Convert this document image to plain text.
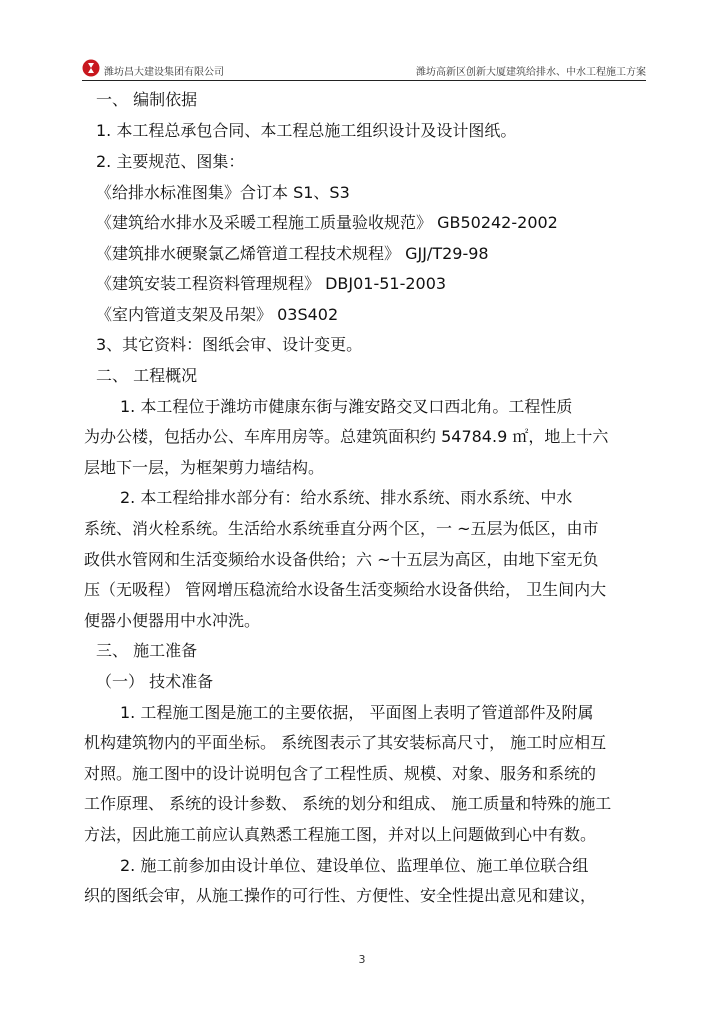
潍坊昌大建设集团有限公司	潍坊高新区创新大厦建筑给排水、中水工程施工方案
一、 编制依据
1. 本工程总承包合同、本工程总施工组织设计及设计图纸。
2. 主要规范、图集：
《给排水标准图集》合订本 S1、S3
《建筑给水排水及采暖工程施工质量验收规范》 GB50242-2002
《建筑排水硬聚氯乙烯管道工程技术规程》 GJJ/T29-98
《建筑安装工程资料管理规程》 DBJ01-51-2003
《室内管道支架及吊架》 03S402
3、其它资料：图纸会审、设计变更。
二、 工程概况
1. 本工程位于潍坊市健康东街与潍安路交叉口西北角。工程性质
为办公楼，包括办公、车库用房等。总建筑面积约 54784.9 ㎡，地上十六
层地下一层，为框架剪力墙结构。
2. 本工程给排水部分有：给水系统、排水系统、雨水系统、中水
系统、消火栓系统。生活给水系统垂直分两个区，一 ~五层为低区，由市
政供水管网和生活变频给水设备供给；六 ~十五层为高区，由地下室无负
压（无吸程） 管网增压稳流给水设备生活变频给水设备供给， 卫生间内大
便器小便器用中水冲洗。
三、 施工准备
（一） 技术准备
1. 工程施工图是施工的主要依据， 平面图上表明了管道部件及附属
机构建筑物内的平面坐标。 系统图表示了其安装标高尺寸， 施工时应相互
对照。施工图中的设计说明包含了工程性质、规模、对象、服务和系统的
工作原理、 系统的设计参数、 系统的划分和组成、 施工质量和特殊的施工
方法，因此施工前应认真熟悉工程施工图，并对以上问题做到心中有数。
2. 施工前参加由设计单位、建设单位、监理单位、施工单位联合组
织的图纸会审，从施工操作的可行性、方便性、安全性提出意见和建议，
3
